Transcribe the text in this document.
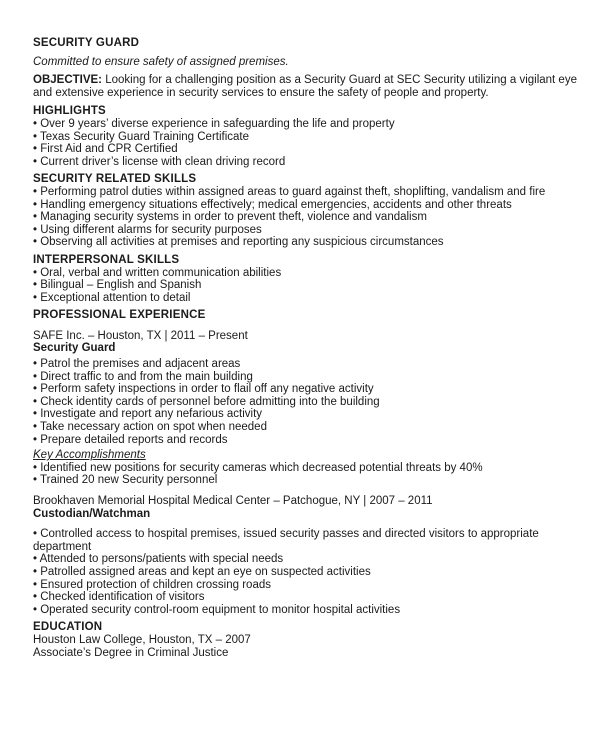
SECURITY GUARD
Committed to ensure safety of assigned premises.
OBJECTIVE: Looking for a challenging position as a Security Guard at SEC Security utilizing a vigilant eye and extensive experience in security services to ensure the safety of people and property.
HIGHLIGHTS
• Over 9 years’ diverse experience in safeguarding the life and property
• Texas Security Guard Training Certificate
• First Aid and CPR Certified
• Current driver’s license with clean driving record
SECURITY RELATED SKILLS
• Performing patrol duties within assigned areas to guard against theft, shoplifting, vandalism and fire
• Handling emergency situations effectively; medical emergencies, accidents and other threats
• Managing security systems in order to prevent theft, violence and vandalism
• Using different alarms for security purposes
• Observing all activities at premises and reporting any suspicious circumstances
INTERPERSONAL SKILLS
• Oral, verbal and written communication abilities
• Bilingual – English and Spanish
• Exceptional attention to detail
PROFESSIONAL EXPERIENCE
SAFE Inc. – Houston, TX | 2011 – Present
Security Guard
• Patrol the premises and adjacent areas
• Direct traffic to and from the main building
• Perform safety inspections in order to flail off any negative activity
• Check identity cards of personnel before admitting into the building
• Investigate and report any nefarious activity
• Take necessary action on spot when needed
• Prepare detailed reports and records
Key Accomplishments
• Identified new positions for security cameras which decreased potential threats by 40%
• Trained 20 new Security personnel
Brookhaven Memorial Hospital Medical Center – Patchogue, NY | 2007 – 2011
Custodian/Watchman
• Controlled access to hospital premises, issued security passes and directed visitors to appropriate department
• Attended to persons/patients with special needs
• Patrolled assigned areas and kept an eye on suspected activities
• Ensured protection of children crossing roads
• Checked identification of visitors
• Operated security control-room equipment to monitor hospital activities
EDUCATION
Houston Law College, Houston, TX – 2007
Associate’s Degree in Criminal Justice
